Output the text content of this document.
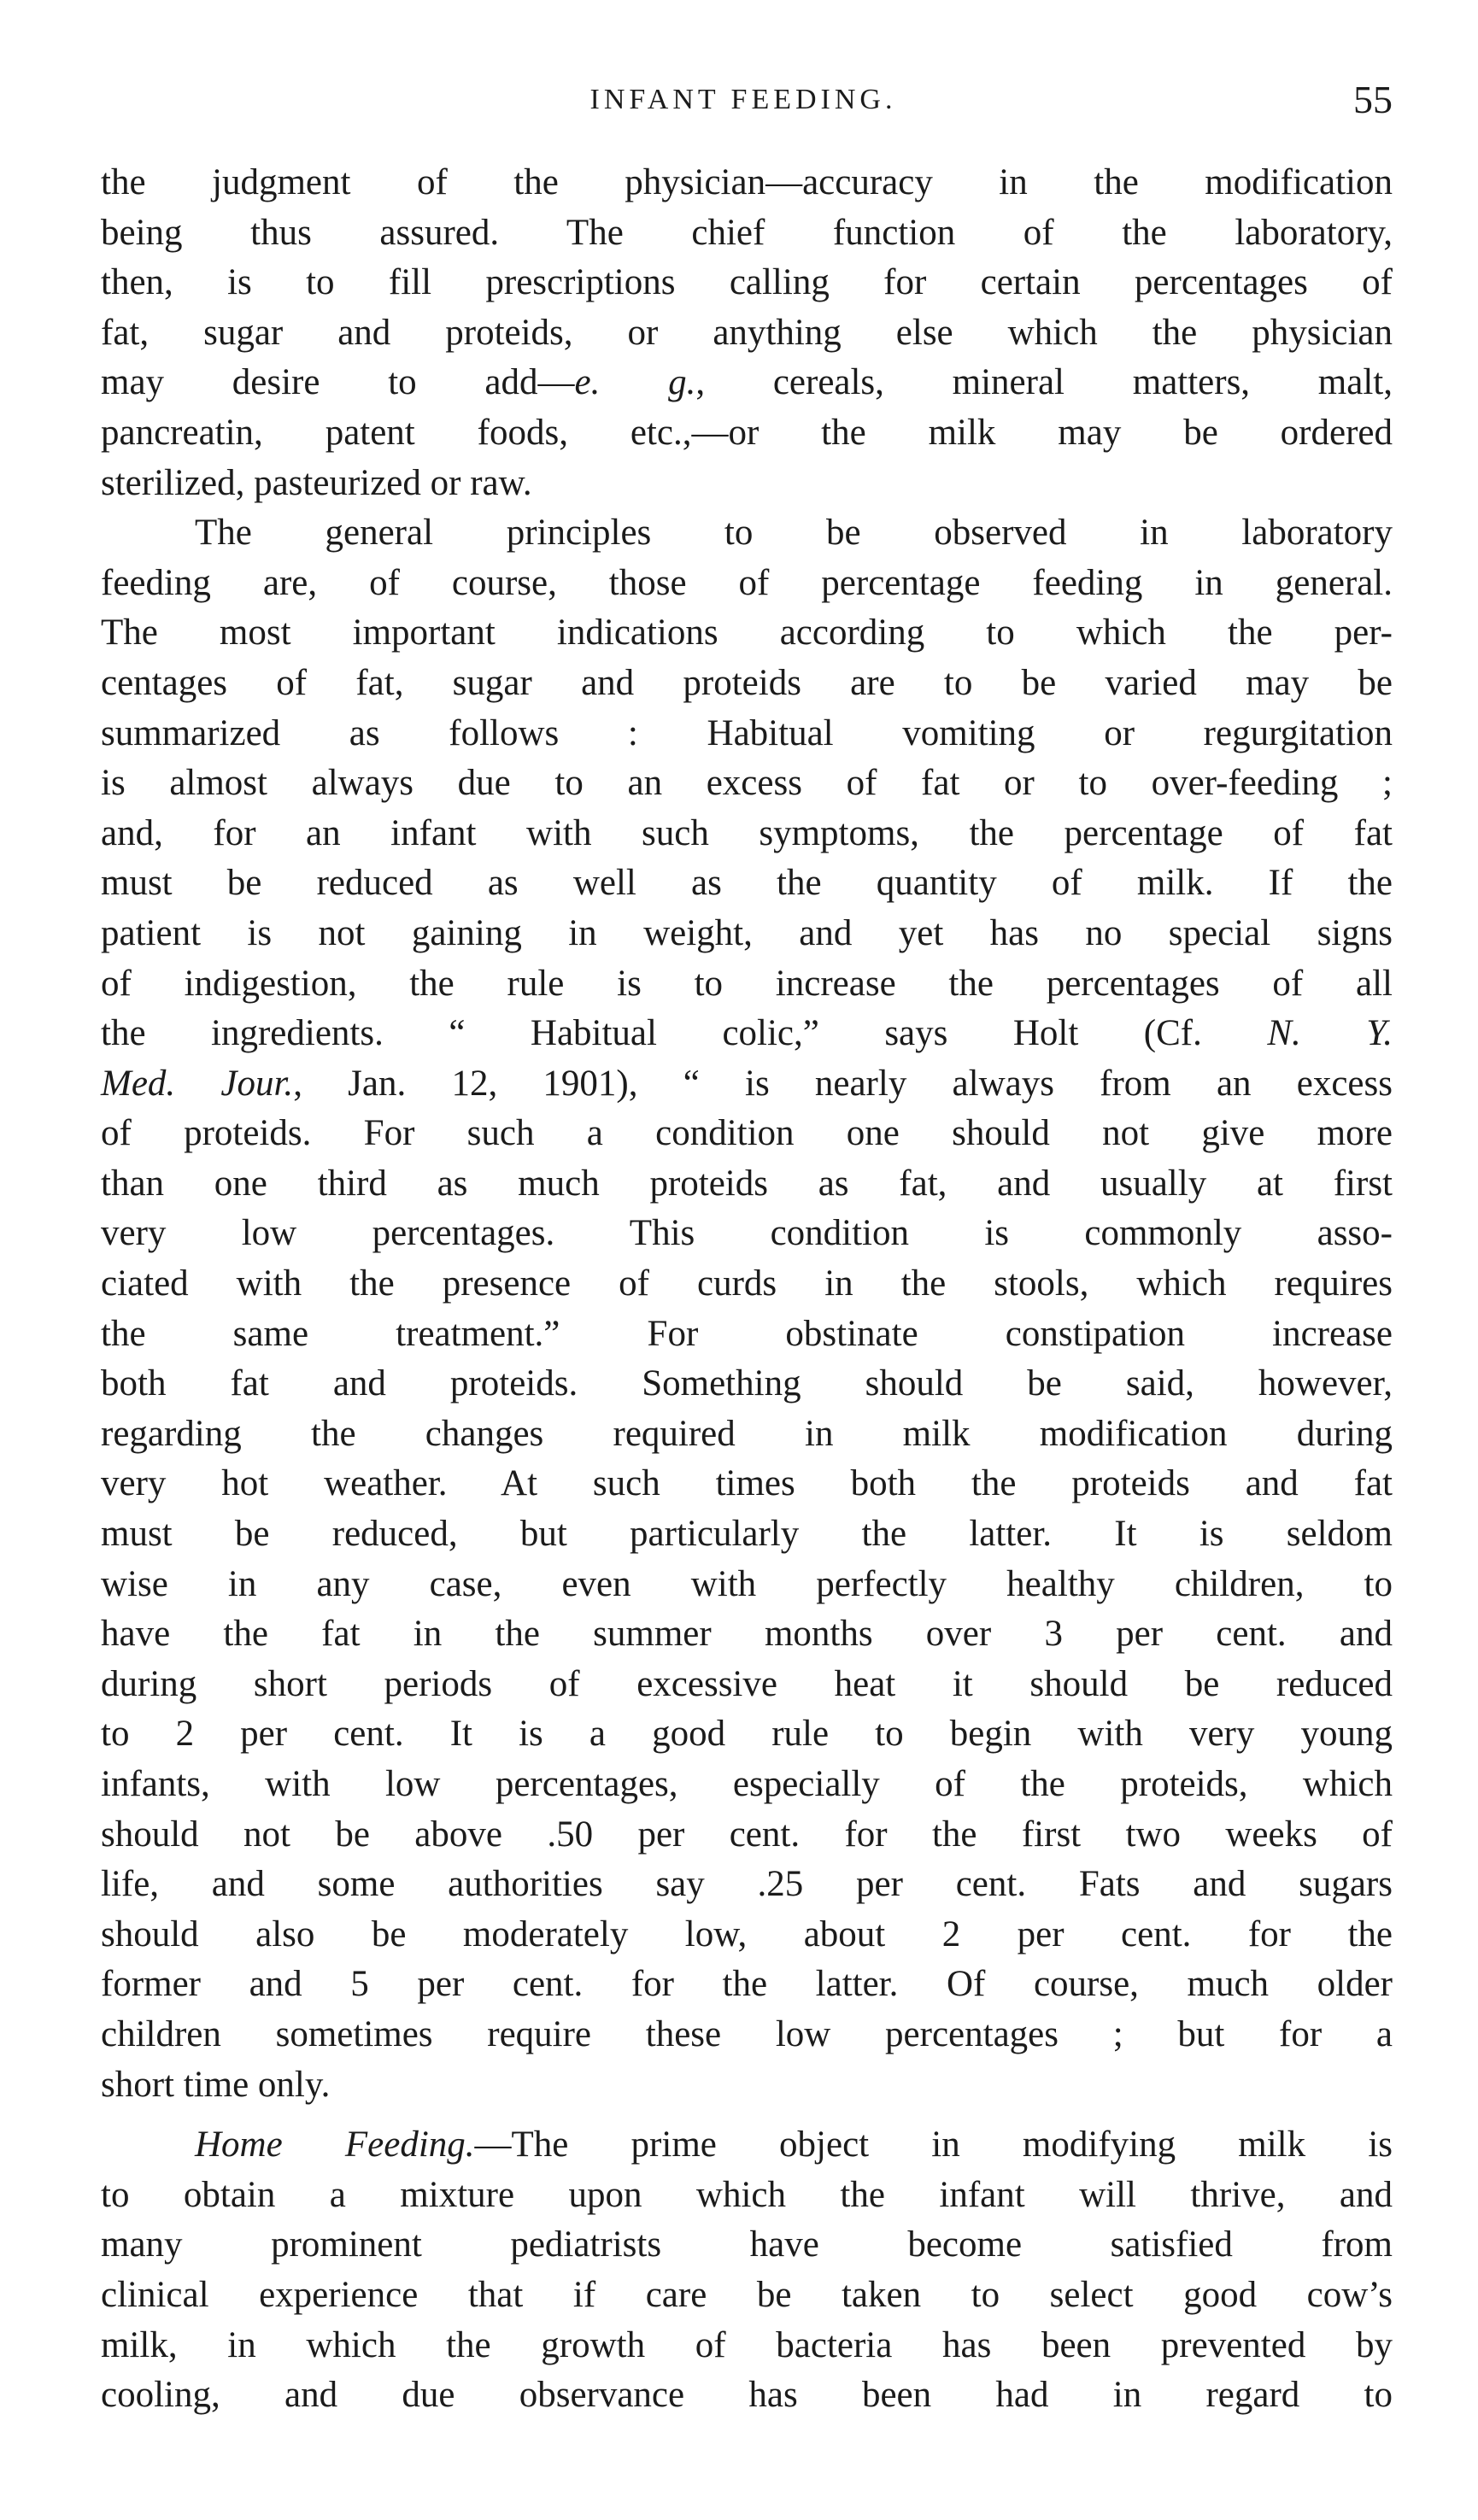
INFANT FEEDING.	55
the judgment of the physician—accuracy in the modification
being thus assured. The chief function of the laboratory,
then, is to fill prescriptions calling for certain percentages of
fat, sugar and proteids, or anything else which the physician
may desire to add—e. g., cereals, mineral matters, malt,
pancreatin, patent foods, etc.,—or the milk may be ordered
sterilized, pasteurized or raw.
The general principles to be observed in laboratory
feeding are, of course, those of percentage feeding in general.
The most important indications according to which the per-
centages of fat, sugar and proteids are to be varied may be
summarized as follows : Habitual vomiting or regurgitation
is almost always due to an excess of fat or to over-feeding ;
and, for an infant with such symptoms, the percentage of fat
must be reduced as well as the quantity of milk. If the
patient is not gaining in weight, and yet has no special signs
of indigestion, the rule is to increase the percentages of all
the ingredients. “ Habitual colic,” says Holt (Cf. N. Y.
Med. Jour., Jan. 12, 1901), “ is nearly always from an excess
of proteids. For such a condition one should not give more
than one third as much proteids as fat, and usually at first
very low percentages. This condition is commonly asso-
ciated with the presence of curds in the stools, which requires
the same treatment.” For obstinate constipation increase
both fat and proteids. Something should be said, however,
regarding the changes required in milk modification during
very hot weather. At such times both the proteids and fat
must be reduced, but particularly the latter. It is seldom
wise in any case, even with perfectly healthy children, to
have the fat in the summer months over 3 per cent. and
during short periods of excessive heat it should be reduced
to 2 per cent. It is a good rule to begin with very young
infants, with low percentages, especially of the proteids, which
should not be above .50 per cent. for the first two weeks of
life, and some authorities say .25 per cent. Fats and sugars
should also be moderately low, about 2 per cent. for the
former and 5 per cent. for the latter. Of course, much older
children sometimes require these low percentages ; but for a
short time only.
Home Feeding.—The prime object in modifying milk is
to obtain a mixture upon which the infant will thrive, and
many prominent pediatrists have become satisfied from
clinical experience that if care be taken to select good cow’s
milk, in which the growth of bacteria has been prevented by
cooling, and due observance has been had in regard to
